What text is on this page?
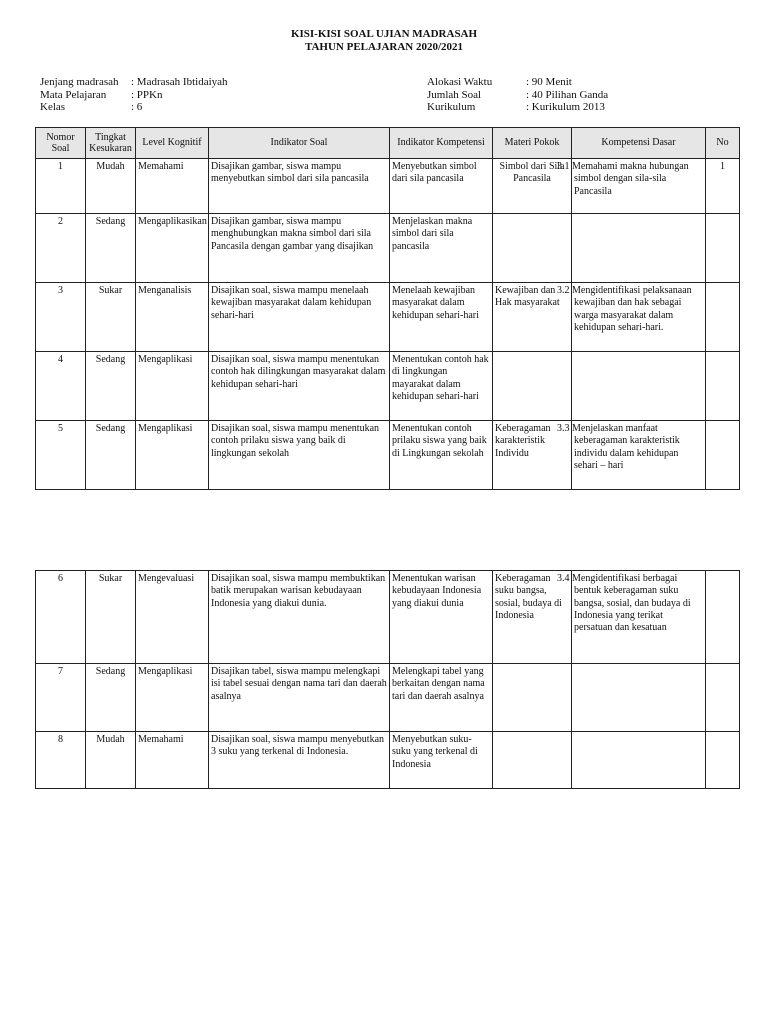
KISI-KISI SOAL UJIAN MADRASAH
TAHUN PELAJARAN 2020/2021
Jenjang madrasah	: Madrasah Ibtidaiyah
Mata Pelajaran	: PPKn
Kelas	: 6
Alokasi Waktu	: 90 Menit
Jumlah Soal	: 40 Pilihan Ganda
Kurikulum	: Kurikulum 2013
Nomor Soal	Tingkat Kesukaran	Level Kognitif	Indikator Soal	Indikator Kompetensi	Materi Pokok	Kompetensi Dasar	No
1	Mudah	Memahami	Disajikan gambar, siswa mampu menyebutkan simbol dari sila pancasila	Menyebutkan simbol dari sila pancasila	Simbol dari Sila Pancasila	3.1 Memahami makna hubungan simbol dengan sila-sila Pancasila	1
2	Sedang	Mengaplikasikan	Disajikan gambar, siswa mampu menghubungkan makna simbol dari sila Pancasila dengan gambar yang disajikan	Menjelaskan makna simbol dari sila pancasila			
3	Sukar	Menganalisis	Disajikan soal, siswa mampu menelaah kewajiban masyarakat dalam kehidupan sehari-hari	Menelaah kewajiban masyarakat dalam kehidupan sehari-hari	Kewajiban dan Hak masyarakat	3.2 Mengidentifikasi pelaksanaan kewajiban dan hak sebagai warga masyarakat dalam kehidupan sehari-hari.	
4	Sedang	Mengaplikasi	Disajikan soal, siswa mampu menentukan contoh hak dilingkungan masyarakat dalam kehidupan sehari-hari	Menentukan contoh hak di lingkungan mayarakat dalam kehidupan sehari-hari			
5	Sedang	Mengaplikasi	Disajikan soal, siswa mampu menentukan contoh prilaku siswa yang baik di lingkungan sekolah	Menentukan contoh prilaku siswa yang baik di Lingkungan sekolah	Keberagaman karakteristik Individu	3.3 Menjelaskan manfaat keberagaman karakteristik individu dalam kehidupan sehari – hari	
6	Sukar	Mengevaluasi	Disajikan soal, siswa mampu membuktikan batik merupakan warisan kebudayaan Indonesia yang diakui dunia.	Menentukan warisan kebudayaan Indonesia yang diakui dunia	Keberagaman suku bangsa, sosial, budaya di Indonesia	3.4 Mengidentifikasi berbagai bentuk keberagaman suku bangsa, sosial, dan budaya di Indonesia yang terikat persatuan dan kesatuan	
7	Sedang	Mengaplikasi	Disajikan tabel, siswa mampu melengkapi isi tabel sesuai dengan nama tari dan daerah asalnya	Melengkapi tabel yang berkaitan dengan nama tari dan daerah asalnya			
8	Mudah	Memahami	Disajikan soal, siswa mampu menyebutkan 3 suku yang terkenal di Indonesia.	Menyebutkan suku-suku yang terkenal di Indonesia			
